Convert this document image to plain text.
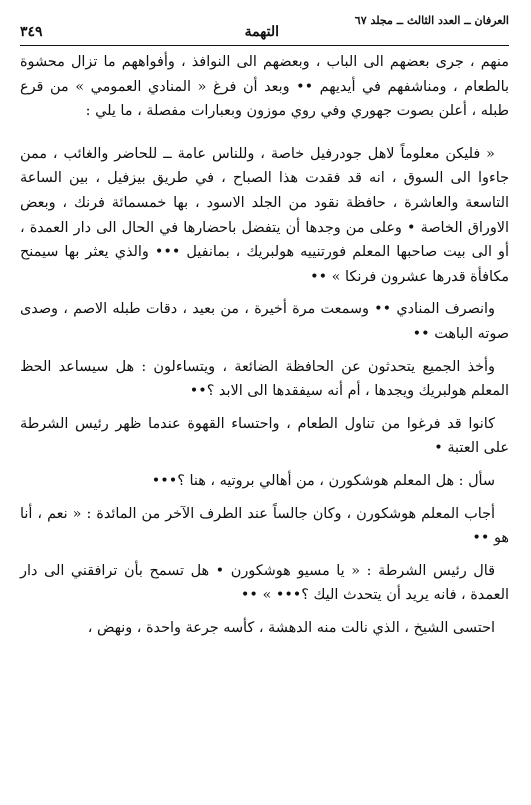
العرفان ــ العدد الثالث ــ مجلد ٦٧
التهمة
٣٤٩

منهم ، جرى بعضهم الى الباب ، وبعضهم الى النوافذ ، وأفواههم ما تزال محشوة بالطعام ، ومناشفهم في أيديهم •• وبعد أن فرغ « المنادي العمومي » من قرع طبله ، أعلن بصوت جهوري وفي روي موزون وبعبارات مفصلة ، ما يلي :

« فليكن معلوماً لاهل جودرفيل خاصة ، وللناس عامة ــ للحاضر والغائب ، ممن جاءوا الى السوق ، انه قد فقدت هذا الصباح ، في طريق بيزفيل ، بين الساعة التاسعة والعاشرة ، حافظة نقود من الجلد الاسود ، بها خمسمائة فرنك ، وبعض الاوراق الخاصة • وعلى من وجدها أن يتفضل باحضارها في الحال الى دار العمدة ، أو الى بيت صاحبها المعلم فورتنييه هولبريك ، بمانفيل ••• والذي يعثر بها سيمنح مكافأة قدرها عشرون فرنكا » ••

وانصرف المنادي •• وسمعت مرة أخيرة ، من بعيد ، دقات طبله الاصم ، وصدى صوته الباهت ••

وأخذ الجميع يتحدثون عن الحافظة الضائعة ، ويتساءلون : هل سيساعد الحظ المعلم هولبريك ويجدها ، أم أنه سيفقدها الى الابد ؟••

كانوا قد فرغوا من تناول الطعام ، واحتساء القهوة عندما ظهر رئيس الشرطة على العتبة •

سأل : هل المعلم هوشكورن ، من أهالي بروتيه ، هنا ؟•••

أجاب المعلم هوشكورن ، وكان جالساً عند الطرف الآخر من المائدة : « نعم ، أنا هو ••

قال رئيس الشرطة : « يا مسيو هوشكورن • هل تسمح بأن ترافقني الى دار العمدة ، فانه يريد أن يتحدث اليك ؟••• » ••

احتسى الشيخ ، الذي نالت منه الدهشة ، كأسه جرعة واحدة ، ونهض ،
